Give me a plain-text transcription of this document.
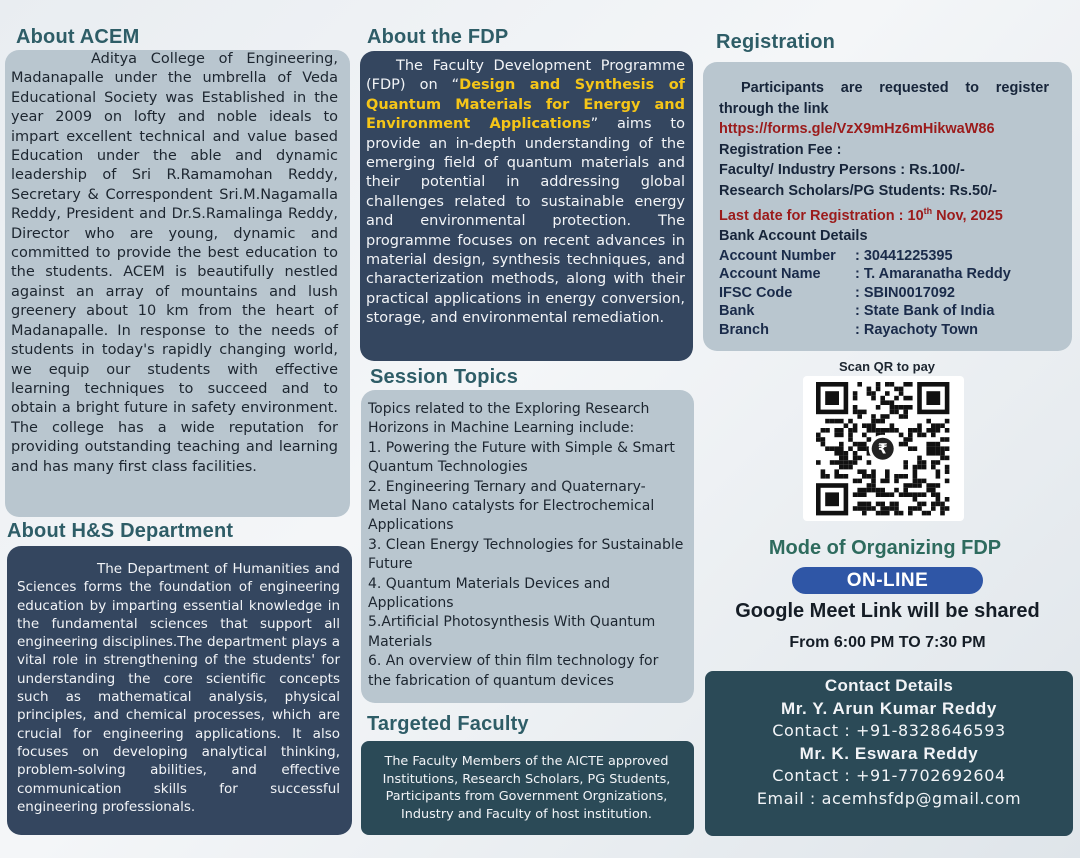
About ACEM

Aditya College of Engineering, Madanapalle under the umbrella of Veda Educational Society was Established in the year 2009 on lofty and noble ideals to impart excellent technical and value based Education under the able and dynamic leadership of Sri R.Ramamohan Reddy, Secretary & Correspondent Sri.M.Nagamalla Reddy, President and Dr.S.Ramalinga Reddy, Director who are young, dynamic and committed to provide the best education to the students. ACEM is beautifully nestled against an array of mountains and lush greenery about 10 km from the heart of Madanapalle. In response to the needs of students in today's rapidly changing world, we equip our students with effective learning techniques to succeed and to obtain a bright future in safety environment. The college has a wide reputation for providing outstanding teaching and learning and has many first class facilities.

About H&S Department

The Department of Humanities and Sciences forms the foundation of engineering education by imparting essential knowledge in the fundamental sciences that support all engineering disciplines.The department plays a vital role in strengthening of the students' for understanding the core scientific concepts such as mathematical analysis, physical principles, and chemical processes, which are crucial for engineering applications. It also focuses on developing analytical thinking, problem-solving abilities, and effective communication skills for successful engineering professionals.

About the FDP

The Faculty Development Programme (FDP) on “Design and Synthesis of Quantum Materials for Energy and Environment Applications” aims to provide an in-depth understanding of the emerging field of quantum materials and their potential in addressing global challenges related to sustainable energy and environmental protection. The programme focuses on recent advances in material design, synthesis techniques, and characterization methods, along with their practical applications in energy conversion, storage, and environmental remediation.

Session Topics
Topics related to the Exploring Research Horizons in Machine Learning include:
1. Powering the Future with Simple & Smart Quantum Technologies
2. Engineering Ternary and Quaternary-Metal Nano catalysts for Electrochemical Applications
3. Clean Energy Technologies for Sustainable Future
4. Quantum Materials Devices and Applications
5.Artificial Photosynthesis With Quantum Materials
6. An overview of thin film technology for the fabrication of quantum devices
Targeted Faculty

The Faculty Members of the AICTE approved Institutions, Research Scholars, PG Students, Participants from Government Orgnizations, Industry and Faculty of host institution.

Registration
Participants are requested to register through the link
https://forms.gle/VzX9mHz6mHikwaW86
Registration Fee :
Faculty/ Industry Persons : Rs.100/-
Research Scholars/PG Students: Rs.50/-
Last date for Registration : 10th Nov, 2025
Bank Account Details
Account Number	: 30441225395
Account Name	: T. Amaranatha Reddy
IFSC Code	: SBIN0017092
Bank	: State Bank of India
Branch	: Rayachoty Town
Scan QR to pay
₹
Mode of Organizing FDP
ON-LINE
Google Meet Link will be shared
From 6:00 PM TO 7:30 PM
Contact Details
Mr. Y. Arun Kumar Reddy
Contact : +91-8328646593
Mr. K. Eswara Reddy
Contact : +91-7702692604
Email : acemhsfdp@gmail.com
